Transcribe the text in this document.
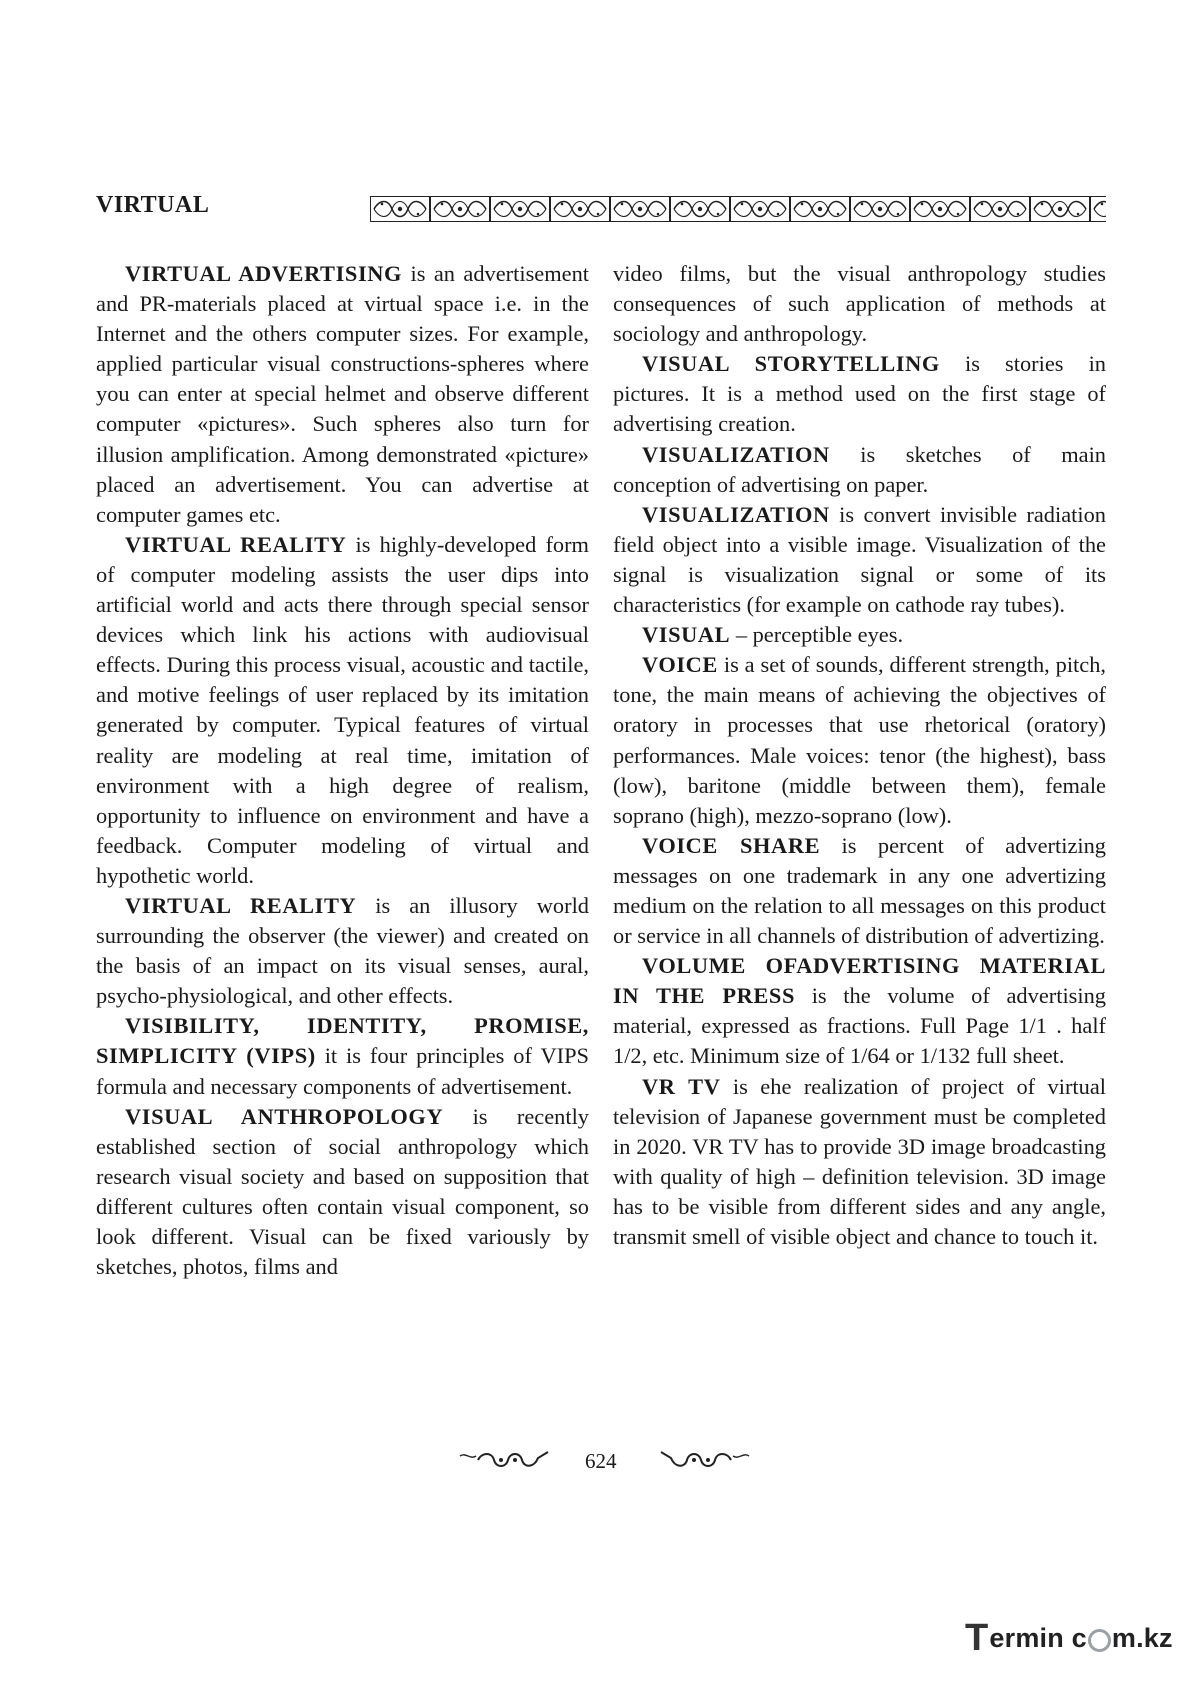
VIRTUAL

VIRTUAL ADVERTISING is an advertisement and PR-materials placed at virtual space i.e. in the Internet and the others computer sizes. For example, applied particular visual constructions-spheres where you can enter at special helmet and observe different computer «pictures». Such spheres also turn for illusion amplification. Among demonstrated «picture» placed an advertisement. You can advertise at computer games etc.

VIRTUAL REALITY is highly-developed form of computer modeling assists the user dips into artificial world and acts there through special sensor devices which link his actions with audiovisual effects. During this process visual, acoustic and tactile, and motive feelings of user replaced by its imitation generated by computer. Typical features of virtual reality are modeling at real time, imitation of environment with a high degree of realism, opportunity to influence on environment and have a feedback. Computer modeling of virtual and hypothetic world.

VIRTUAL REALITY is an illusory world surrounding the observer (the viewer) and created on the basis of an impact on its visual senses, aural, psycho-physiological, and other effects.

VISIBILITY, IDENTITY, PROMISE, SIMPLICITY (VIPS) it is four principles of VIPS formula and necessary components of advertisement.

VISUAL ANTHROPOLOGY is recently established section of social anthropology which research visual society and based on supposition that different cultures often contain visual component, so look different. Visual can be fixed variously by sketches, photos, films and

video films, but the visual anthropology studies consequences of such application of methods at sociology and anthropology.

VISUAL STORYTELLING is stories in pictures. It is a method used on the first stage of advertising creation.

VISUALIZATION is sketches of main conception of advertising on paper.

VISUALIZATION is convert invisible radiation field object into a visible image. Visualization of the signal is visualization signal or some of its characteristics (for example on cathode ray tubes).

VISUAL – perceptible eyes.

VOICE is a set of sounds, different strength, pitch, tone, the main means of achieving the objectives of oratory in processes that use rhetorical (oratory) performances. Male voices: tenor (the highest), bass (low), baritone (middle between them), female soprano (high), mezzo-soprano (low).

VOICE SHARE is percent of advertizing messages on one trademark in any one advertizing medium on the relation to all messages on this product or service in all channels of distribution of advertizing.

VOLUME OFADVERTISING MATERIAL IN THE PRESS is the volume of advertising material, expressed as fractions. Full Page 1/1 . half 1/2, etc. Minimum size of 1/64 or 1/132 full sheet.

VR TV is ehe realization of project of virtual television of Japanese government must be completed in 2020. VR TV has to provide 3D image broadcasting with quality of high – definition television. 3D image has to be visible from different sides and any angle, transmit smell of visible object and chance to touch it.

624
T ermin c m.kz
